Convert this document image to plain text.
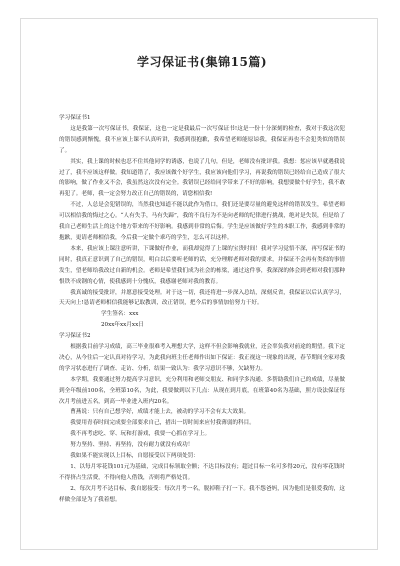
学习保证书(集锦15篇)

学习保证书1

这是我第一次写保证书，我保证，这也一定是我最后一次写保证书!这是一份十分深刻的检查，我对于我这次犯的错误感到惭愧，我不应该上课不认真听讲，我感到很抱歉，我希望老师能原谅我，我保证再也不会犯类似的错误了。

其实，我上课的时候也忍不住其他同学的诱惑，也说了几句，但是，老师没有批评我。我想：惩应该早就遇我说过了，我不应该这样做。我知道错了，我应该做个好学生，我应该向他们学习，再说我的错误已经给自己造成了很大的影响，做了作业又不会，我虽然这次没有完全。我错误已经给同学带来了不好的影响，我想要做个好学生，我不敢再犯了。老师，我一定会努力改正自己的错误的，请您相信我!

不过，人总是会犯错误的，当然我也知道不能以此作为借口，我们还是要尽量的避免这样的错误发生，希望老师可以相信我的悔过之心。“人有失手，马有失蹄”，我的不良行为不是向老师的纪律进行挑战，绝对是失误，但是给了我自己老师生活上的这个地方带来的不好影响。我感到非常的后悔。学生是应该做好学生的本职工作，我感到非常的抱歉，更请老师相信我，今后我一定做个乖巧的学生，怎么可以这样。

本来，我应该上课注意听讲，下课做好作业，而我却觉得了上课的宝贵时间！我对学习觉悟不深，再写保证书的同时，我真正意识到了自己的错误，明白以后要听老师的话，充分理解老师对我的要求，并保证不会再有类似的事情发生，望老师给我改过自新的机会。老师是希望我们成为社会的栋梁，通过这件事，我深深的体会到老师对我们那种恨铁不成钢的心情，使我感到十分愧疚，我感谢老师对我的教育。

我真诚的接受批评，并愿意接受处理。对于这一切，我还将进一步深入总结，深刻反省，我保证以后认真学习，天天向上!恳请老师相信我能够记取教训，改正错误，把今后的事情加倍努力干好。

学生签名：xxx

20xx年xx月xx日

学习保证书2

根据我目前学习成绩，高三毕业很难考入理想大学，这样不但会影响我就业，还会辜负我对前途的期望。我下定决心，从今往后一定认真对待学习，为此我向班主任老师作出如下保证：我正视这一现象的出现，春节期间全家对我的学习状态进行了调查、走访、分析，结果一致认为：我学习意识不够，欠缺努力。

本学期，我要通过努力提高学习意识，充分利用和老师交朋友、和同学多沟通、多帮助我们自己的成绩，尽量做到全年级前100名，全班第10名，为此，我要做到以下几点：从现在到月底，在班第40名为基础，照方设法保证每次月考前进五名，到高一毕业进入班内20名。

曹燕说：只有自己想学好，成绩才能上去，被动的学习不会有太大效果。

我要用青春时间完成要全部要求自己，措出一切时间来应付我薄弱的科目。

我不再考虑吃、穿、玩和打游戏，我要一心抓在学习上。

努力坚持、坚持、再坚持，没有耐力就没有成功！

我如果不能实现以上目标，自愿接受以下两项处罚：

1、以每月零花钱101元为基础，完成目标领取全额；不达目标没有；超过目标一名可多得20元，没有零花钱时不得挤占生活费，不得向他人借钱，否则将严格处罚。

2、每次月考不达目标，我自愿接受：每次月考一名，脱掉鞋子打一下。我不怨爸妈，因为他们是很爱我的，这样做全部是为了我着想。
